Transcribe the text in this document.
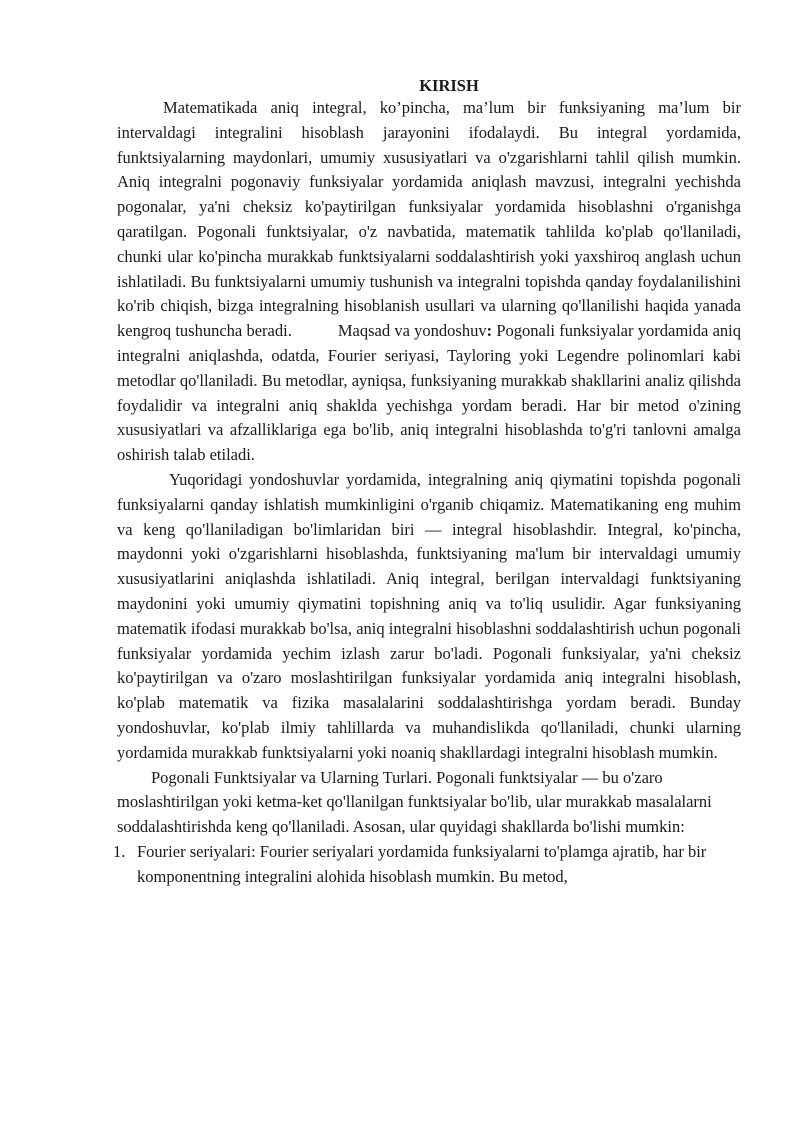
KIRISH

Matematikada aniq integral, ko’pincha, ma’lum bir funksiyaning ma’lum bir intervaldagi integralini hisoblash jarayonini ifodalaydi. Bu integral yordamida, funktsiyalarning maydonlari, umumiy xususiyatlari va o'zgarishlarni tahlil qilish mumkin. Aniq integralni pogonaviy funksiyalar yordamida aniqlash mavzusi, integralni yechishda pogonalar, ya'ni cheksiz ko'paytirilgan funksiyalar yordamida hisoblashni o'rganishga qaratilgan. Pogonali funktsiyalar, o'z navbatida, matematik tahlilda ko'plab qo'llaniladi, chunki ular ko'pincha murakkab funktsiyalarni soddalashtirish yoki yaxshiroq anglash uchun ishlatiladi. Bu funktsiyalarni umumiy tushunish va integralni topishda qanday foydalanilishini ko'rib chiqish, bizga integralning hisoblanish usullari va ularning qo'llanilishi haqida yanada kengroq tushuncha beradi.	Maqsad va yondoshuv: Pogonali funksiyalar yordamida aniq integralni aniqlashda, odatda, Fourier seriyasi, Tayloring yoki Legendre polinomlari kabi metodlar qo'llaniladi. Bu metodlar, ayniqsa, funksiyaning murakkab shakllarini analiz qilishda foydalidir va integralni aniq shaklda yechishga yordam beradi. Har bir metod o'zining xususiyatlari va afzalliklariga ega bo'lib, aniq integralni hisoblashda to'g'ri tanlovni amalga oshirish talab etiladi.

Yuqoridagi yondoshuvlar yordamida, integralning aniq qiymatini topishda pogonali funksiyalarni qanday ishlatish mumkinligini o'rganib chiqamiz. Matematikaning eng muhim va keng qo'llaniladigan bo'limlaridan biri — integral hisoblashdir. Integral, ko'pincha, maydonni yoki o'zgarishlarni hisoblashda, funktsiyaning ma'lum bir intervaldagi umumiy xususiyatlarini aniqlashda ishlatiladi. Aniq integral, berilgan intervaldagi funktsiyaning maydonini yoki umumiy qiymatini topishning aniq va to'liq usulidir. Agar funksiyaning matematik ifodasi murakkab bo'lsa, aniq integralni hisoblashni soddalashtirish uchun pogonali funksiyalar yordamida yechim izlash zarur bo'ladi. Pogonali funksiyalar, ya'ni cheksiz ko'paytirilgan va o'zaro moslashtirilgan funksiyalar yordamida aniq integralni hisoblash, ko'plab matematik va fizika masalalarini soddalashtirishga yordam beradi. Bunday yondoshuvlar, ko'plab ilmiy tahlillarda va muhandislikda qo'llaniladi, chunki ularning yordamida murakkab funktsiyalarni yoki noaniq shakllardagi integralni hisoblash mumkin.

Pogonali Funktsiyalar va Ularning Turlari. Pogonali funktsiyalar — bu o'zaro moslashtirilgan yoki ketma-ket qo'llanilgan funktsiyalar bo'lib, ular murakkab masalalarni soddalashtirishda keng qo'llaniladi. Asosan, ular quyidagi shakllarda bo'lishi mumkin:

1. Fourier seriyalari: Fourier seriyalari yordamida funksiyalarni to'plamga ajratib, har bir komponentning integralini alohida hisoblash mumkin. Bu metod,
